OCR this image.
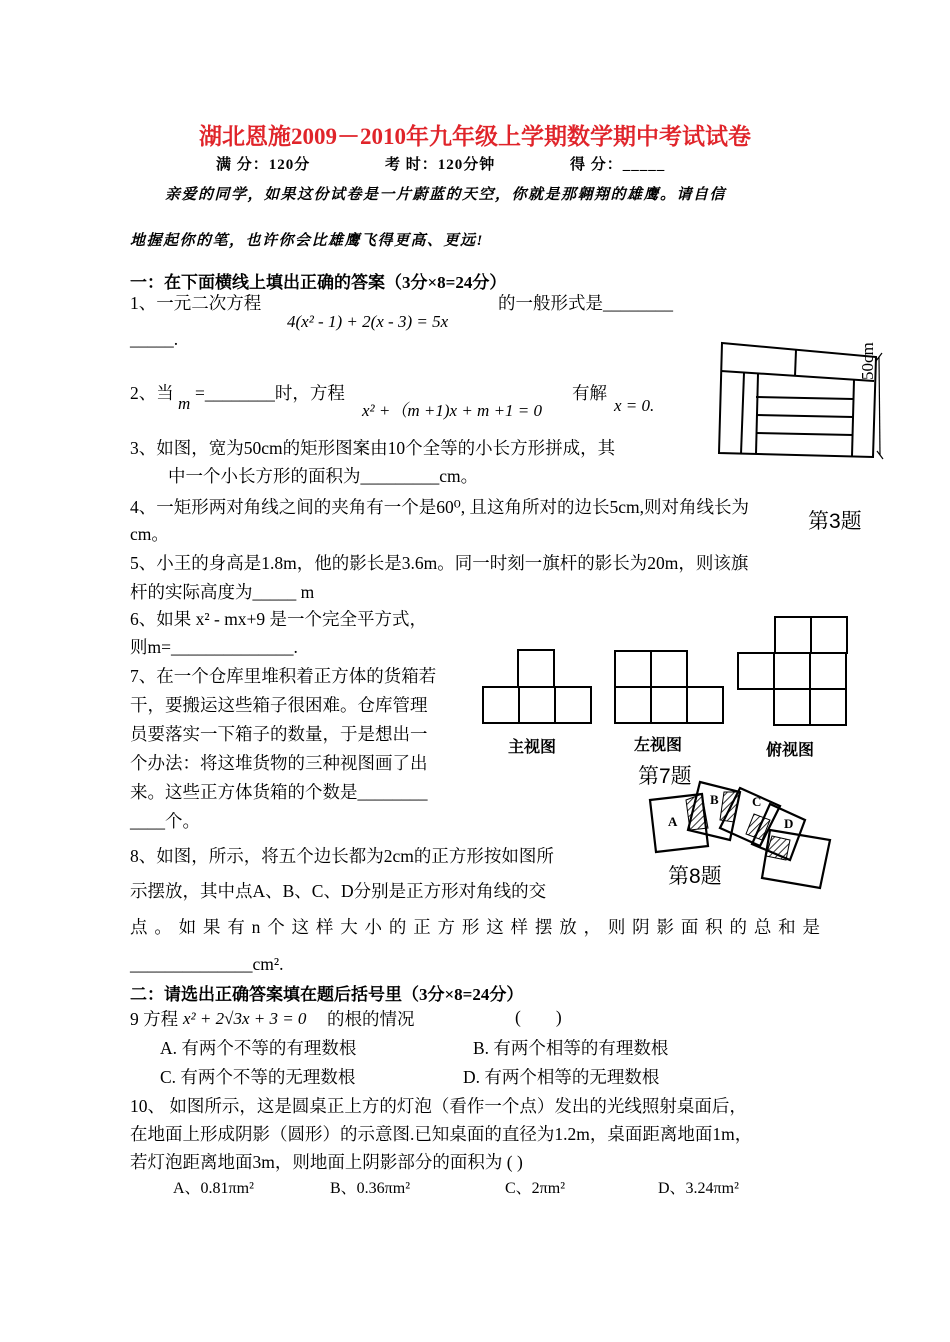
湖北恩施2009－2010年九年级上学期数学期中考试试卷
满 分：120分	考 时：120分钟	得 分：_____
亲爱的同学，如果这份试卷是一片蔚蓝的天空，你就是那翱翔的雄鹰。请自信
地握起你的笔，也许你会比雄鹰飞得更高、更远!
一：在下面横线上填出正确的答案（3分×8=24分）
1、一元二次方程
4(x² - 1) + 2(x - 3) = 5x
的一般形式是________
_____.
2、当
m
=________时，方程
x² +（m +1)x + m +1 = 0
有解
x = 0.
3、如图，宽为50cm的矩形图案由10个全等的小长方形拼成，其
中一个小长方形的面积为_________cm。
50cm
第3题
4、一矩形两对角线之间的夹角有一个是60⁰, 且这角所对的边长5cm,则对角线长为
cm。
5、小王的身高是1.8m，他的影长是3.6m。同一时刻一旗杆的影长为20m，则该旗
杆的实际高度为_____ m
6、如果 x² - mx+9 是一个完全平方式，
则m=______________.
7、在一个仓库里堆积着正方体的货箱若
干，要搬运这些箱子很困难。仓库管理
员要落实一下箱子的数量，于是想出一
个办法：将这堆货物的三种视图画了出
来。这些正方体货箱的个数是________
____个。
主视图	左视图	俯视图
第7题
A
B	C
D
第8题
8、如图，所示，将五个边长都为2cm的正方形按如图所
示摆放，其中点A、B、C、D分别是正方形对角线的交
点。如果有n个这样大小的正方形这样摆放，则阴影面积的总和是
______________cm².
二：请选出正确答案填在题后括号里（3分×8=24分）
9 方程 x² + 2√3x + 3 = 0 的根的情况	(　　)
A. 有两个不等的有理数根	B. 有两个相等的有理数根
C. 有两个不等的无理数根	D. 有两个相等的无理数根
10、 如图所示，这是圆桌正上方的灯泡（看作一个点）发出的光线照射桌面后，
在地面上形成阴影（圆形）的示意图.已知桌面的直径为1.2m，桌面距离地面1m，
若灯泡距离地面3m，则地面上阴影部分的面积为 ( )
A、0.81πm²	B、0.36πm²	C、2πm²	D、3.24πm²
